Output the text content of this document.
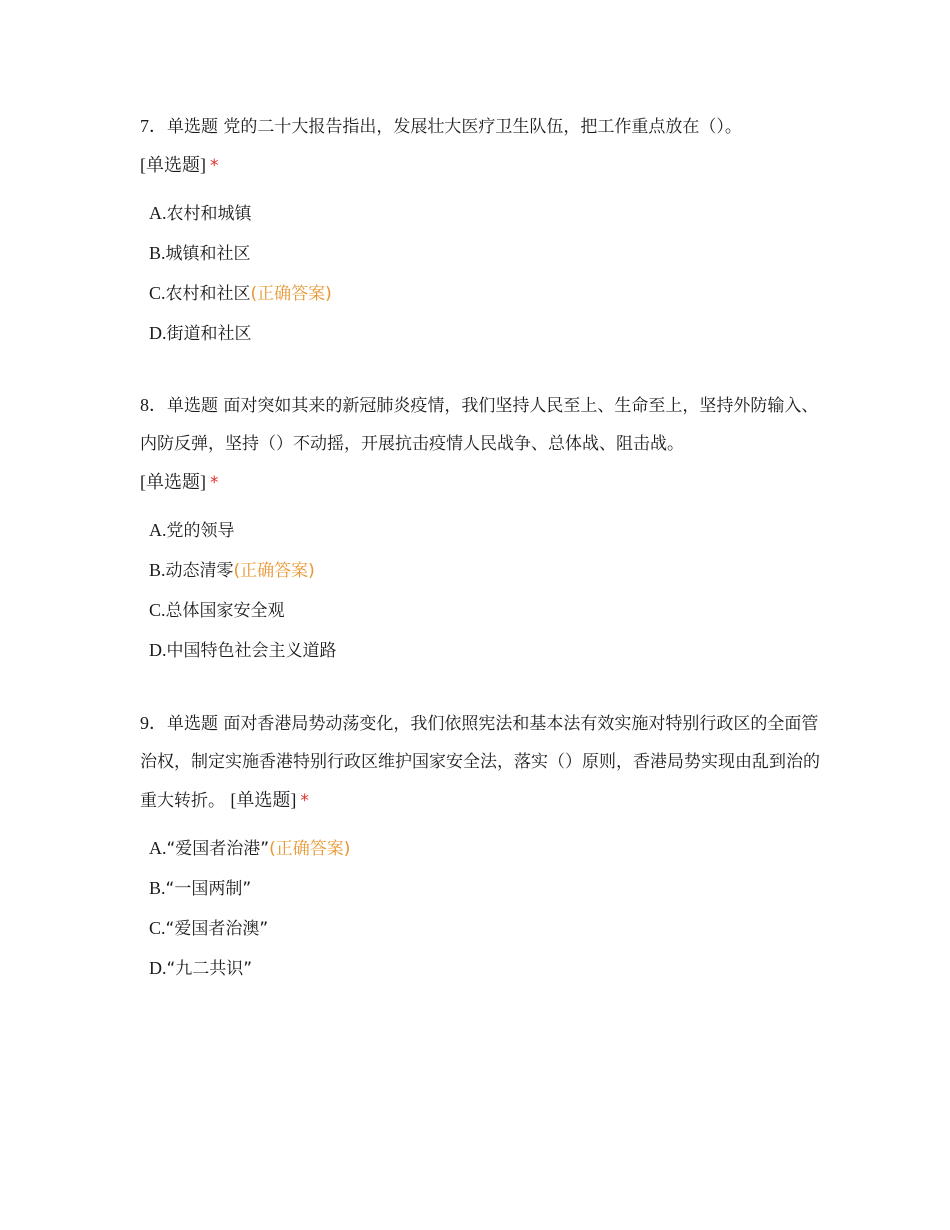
7．单选题 党的二十大报告指出，发展壮大医疗卫生队伍，把工作重点放在（）。
[单选题] *

A.农村和城镇
B.城镇和社区
C.农村和社区(正确答案)
D.街道和社区

8．单选题 面对突如其来的新冠肺炎疫情，我们坚持人民至上、生命至上，坚持外防输入、内防反弹，坚持（）不动摇，开展抗击疫情人民战争、总体战、阻击战。
[单选题] *

A.党的领导
B.动态清零(正确答案)
C.总体国家安全观
D.中国特色社会主义道路

9．单选题 面对香港局势动荡变化，我们依照宪法和基本法有效实施对特别行政区的全面管治权，制定实施香港特别行政区维护国家安全法，落实（）原则，香港局势实现由乱到治的重大转折。 [单选题] *

A.“爱国者治港”(正确答案)
B.“一国两制”
C.“爱国者治澳”
D.“九二共识”
